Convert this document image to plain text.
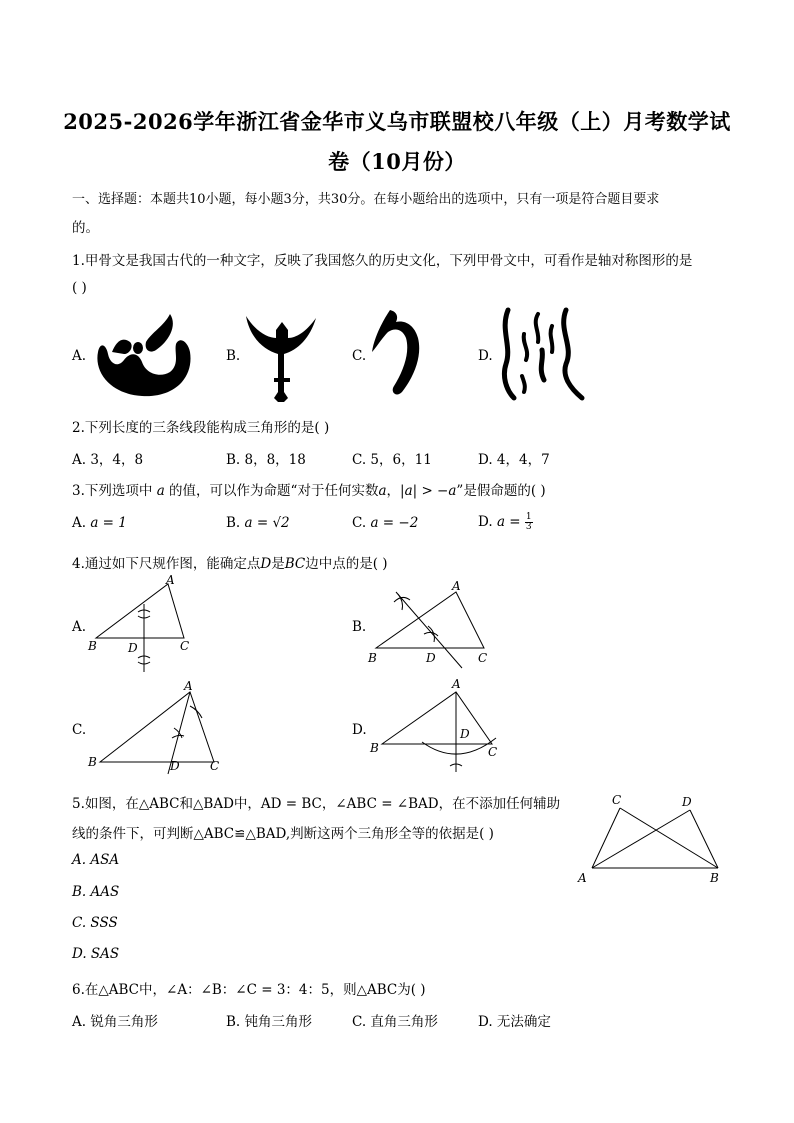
2025-2026学年浙江省金华市义乌市联盟校八年级（上）月考数学试
卷（10月份）
一、选择题：本题共10小题，每小题3分，共30分。在每小题给出的选项中，只有一项是符合题目要求
的。
1.甲骨文是我国古代的一种文字，反映了我国悠久的历史文化，下列甲骨文中，可看作是轴对称图形的是
( )
A.	B.	C.	D.
2.下列长度的三条线段能构成三角形的是( )
A. 3，4，8	B. 8，8，18	C. 5，6，11	D. 4，4，7
3.下列选项中 a 的值，可以作为命题“对于任何实数a，|a| > −a”是假命题的( )
A. a = 1	B. a = √2	C. a = −2	D. $a = \frac{1}{3}$
4.通过如下尺规作图，能确定点D是BC边中点的是( )
A.	B.
C.	D.
A
B	D	C
A
B	D	C
A
B	D	C
A
B
D
C
5.如图，在△ABC和△BAD中，AD = BC，∠ABC = ∠BAD，在不添加任何辅助
线的条件下，可判断△ABC≌△BAD,判断这两个三角形全等的依据是( )
A. ASA
B. AAS
C. SSS
D. SAS
C	D
A	B
6.在△ABC中，∠A：∠B：∠C = 3：4：5，则△ABC为( )
A. 锐角三角形	B. 钝角三角形	C. 直角三角形	D. 无法确定
